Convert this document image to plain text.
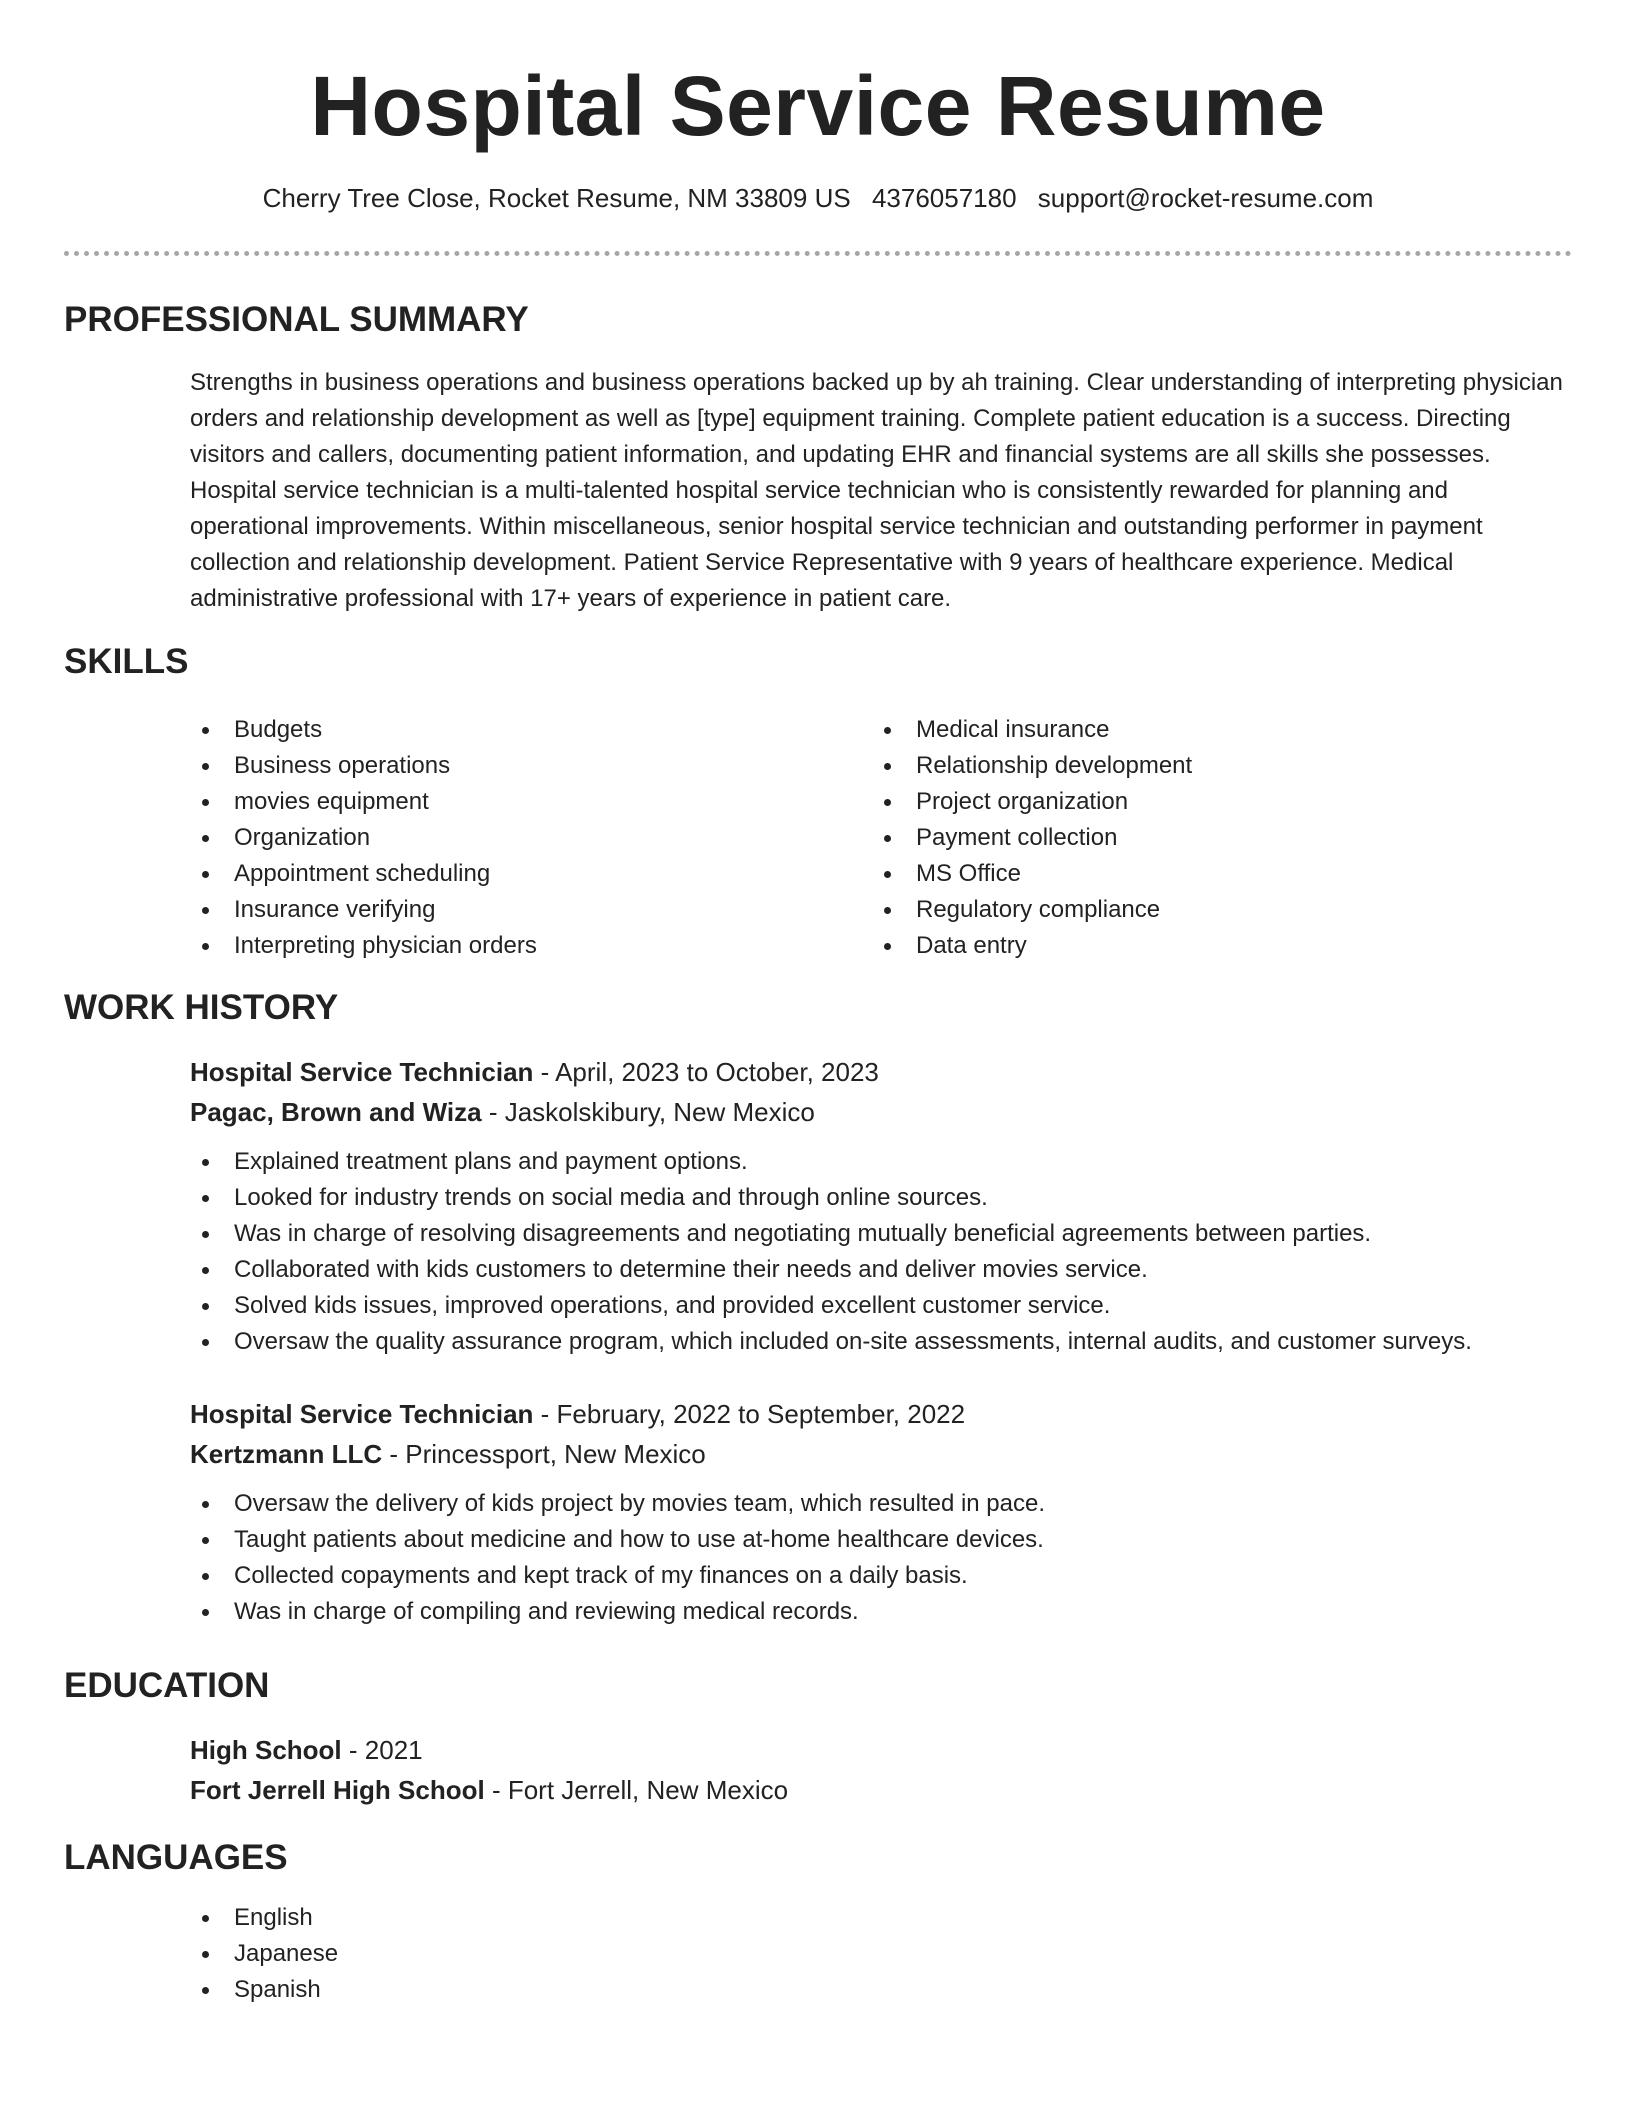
Hospital Service Resume
Cherry Tree Close, Rocket Resume, NM 33809 US 4376057180 support@rocket-resume.com
PROFESSIONAL SUMMARY

Strengths in business operations and business operations backed up by ah training. Clear understanding of interpreting physician orders and relationship development as well as [type] equipment training. Complete patient education is a success. Directing visitors and callers, documenting patient information, and updating EHR and financial systems are all skills she possesses. Hospital service technician is a multi-talented hospital service technician who is consistently rewarded for planning and operational improvements. Within miscellaneous, senior hospital service technician and outstanding performer in payment collection and relationship development. Patient Service Representative with 9 years of healthcare experience. Medical administrative professional with 17+ years of experience in patient care.

SKILLS
Budgets
Business operations
movies equipment
Organization
Appointment scheduling
Insurance verifying
Interpreting physician orders
Medical insurance
Relationship development
Project organization
Payment collection
MS Office
Regulatory compliance
Data entry
WORK HISTORY

Hospital Service Technician - April, 2023 to October, 2023

Pagac, Brown and Wiza - Jaskolskibury, New Mexico

Explained treatment plans and payment options.
Looked for industry trends on social media and through online sources.
Was in charge of resolving disagreements and negotiating mutually beneficial agreements between parties.
Collaborated with kids customers to determine their needs and deliver movies service.
Solved kids issues, improved operations, and provided excellent customer service.
Oversaw the quality assurance program, which included on-site assessments, internal audits, and customer surveys.

Hospital Service Technician - February, 2022 to September, 2022

Kertzmann LLC - Princessport, New Mexico

Oversaw the delivery of kids project by movies team, which resulted in pace.
Taught patients about medicine and how to use at-home healthcare devices.
Collected copayments and kept track of my finances on a daily basis.
Was in charge of compiling and reviewing medical records.
EDUCATION

High School - 2021

Fort Jerrell High School - Fort Jerrell, New Mexico

LANGUAGES
English
Japanese
Spanish
